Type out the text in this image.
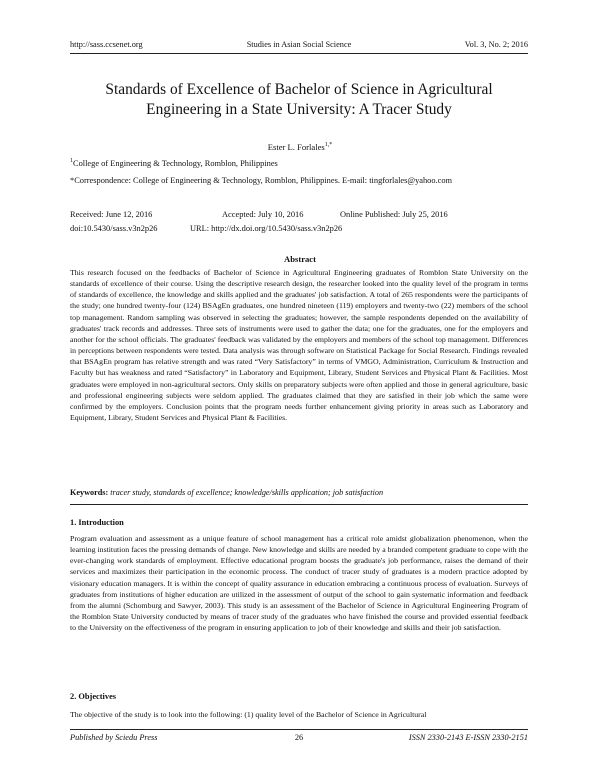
http://sass.ccsenet.org	Studies in Asian Social Science	Vol. 3, No. 2; 2016
Standards of Excellence of Bachelor of Science in Agricultural
Engineering in a State University: A Tracer Study
Ester L. Forlales$^{1,*}$
$^1$College of Engineering & Technology, Romblon, Philippines
*Correspondence: College of Engineering & Technology, Romblon, Philippines. E-mail: tingforlales@yahoo.com
Received: June 12, 2016	Accepted: July 10, 2016	Online Published: July 25, 2016
doi:10.5430/sass.v3n2p26	URL: http://dx.doi.org/10.5430/sass.v3n2p26
Abstract
This research focused on the feedbacks of Bachelor of Science in Agricultural Engineering graduates of Romblon State University on the standards of excellence of their course. Using the descriptive research design, the researcher looked into the quality level of the program in terms of standards of excellence, the knowledge and skills applied and the graduates' job satisfaction. A total of 265 respondents were the participants of the study; one hundred twenty-four (124) BSAgEn graduates, one hundred nineteen (119) employers and twenty-two (22) members of the school top management. Random sampling was observed in selecting the graduates; however, the sample respondents depended on the availability of graduates' track records and addresses. Three sets of instruments were used to gather the data; one for the graduates, one for the employers and another for the school officials. The graduates' feedback was validated by the employers and members of the school top management. Differences in perceptions between respondents were tested. Data analysis was through software on Statistical Package for Social Research. Findings revealed that BSAgEn program has relative strength and was rated “Very Satisfactory” in terms of VMGO, Administration, Curriculum & Instruction and Faculty but has weakness and rated “Satisfactory” in Laboratory and Equipment, Library, Student Services and Physical Plant & Facilities. Most graduates were employed in non-agricultural sectors. Only skills on preparatory subjects were often applied and those in general agriculture, basic and professional engineering subjects were seldom applied. The graduates claimed that they are satisfied in their job which the same were confirmed by the employers. Conclusion points that the program needs further enhancement giving priority in areas such as Laboratory and Equipment, Library, Student Services and Physical Plant & Facilities.
Keywords: tracer study, standards of excellence; knowledge/skills application; job satisfaction
1. Introduction
Program evaluation and assessment as a unique feature of school management has a critical role amidst globalization phenomenon, when the learning institution faces the pressing demands of change. New knowledge and skills are needed by a branded competent graduate to cope with the ever-changing work standards of employment. Effective educational program boosts the graduate's job performance, raises the demand of their services and maximizes their participation in the economic process. The conduct of tracer study of graduates is a modern practice adopted by visionary education managers. It is within the concept of quality assurance in education embracing a continuous process of evaluation. Surveys of graduates from institutions of higher education are utilized in the assessment of output of the school to gain systematic information and feedback from the alumni (Schomburg and Sawyer, 2003). This study is an assessment of the Bachelor of Science in Agricultural Engineering Program of the Romblon State University conducted by means of tracer study of the graduates who have finished the course and provided essential feedback to the University on the effectiveness of the program in ensuring application to job of their knowledge and skills and their job satisfaction.
2. Objectives
The objective of the study is to look into the following: (1) quality level of the Bachelor of Science in Agricultural
Published by Sciedu Press	26	ISSN 2330-2143 E-ISSN 2330-2151
